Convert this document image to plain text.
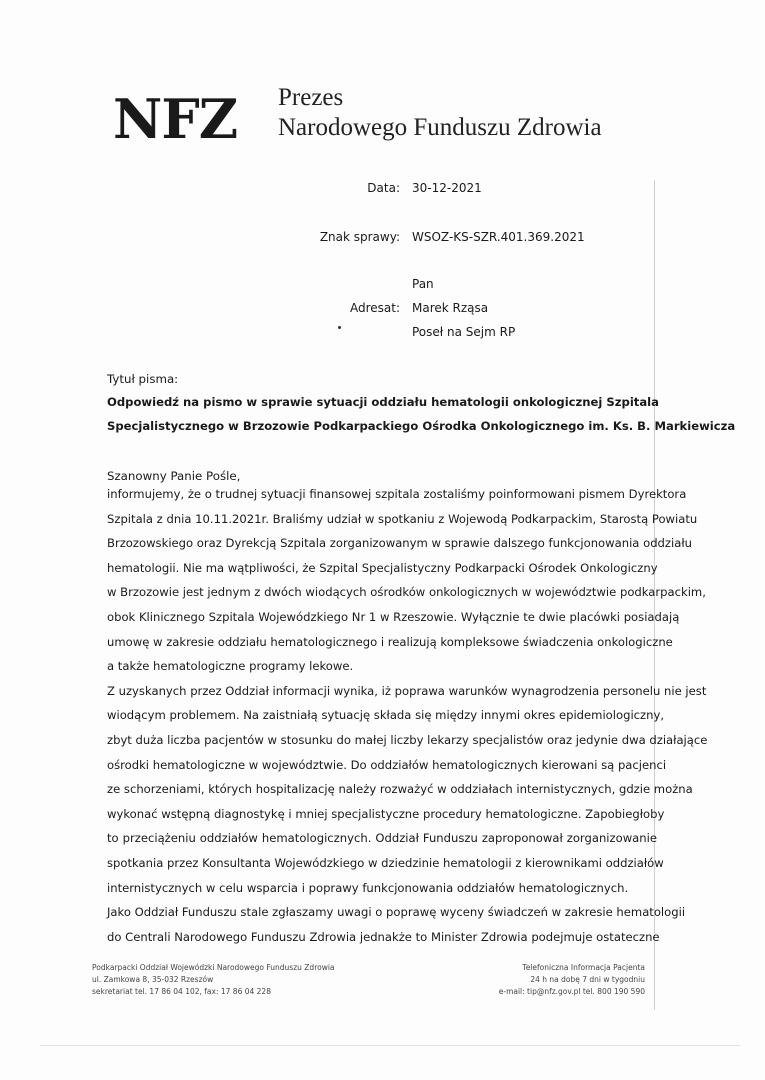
NFZ Prezes
Narodowego Funduszu Zdrowia
Data: 30-12-2021
Znak sprawy: WSOZ-KS-SZR.401.369.2021
Pan
Adresat: Marek Rząsa
Poseł na Sejm RP
Tytuł pisma:
Odpowiedź na pismo w sprawie sytuacji oddziału hematologii onkologicznej Szpitala
Specjalistycznego w Brzozowie Podkarpackiego Ośrodka Onkologicznego im. Ks. B. Markiewicza
Szanowny Panie Pośle,
informujemy, że o trudnej sytuacji finansowej szpitala zostaliśmy poinformowani pismem Dyrektora
Szpitala z dnia 10.11.2021r. Braliśmy udział w spotkaniu z Wojewodą Podkarpackim, Starostą Powiatu
Brzozowskiego oraz Dyrekcją Szpitala zorganizowanym w sprawie dalszego funkcjonowania oddziału
hematologii. Nie ma wątpliwości, że Szpital Specjalistyczny Podkarpacki Ośrodek Onkologiczny
w Brzozowie jest jednym z dwóch wiodących ośrodków onkologicznych w województwie podkarpackim,
obok Klinicznego Szpitala Wojewódzkiego Nr 1 w Rzeszowie. Wyłącznie te dwie placówki posiadają
umowę w zakresie oddziału hematologicznego i realizują kompleksowe świadczenia onkologiczne
a także hematologiczne programy lekowe.
Z uzyskanych przez Oddział informacji wynika, iż poprawa warunków wynagrodzenia personelu nie jest
wiodącym problemem. Na zaistniałą sytuację składa się między innymi okres epidemiologiczny,
zbyt duża liczba pacjentów w stosunku do małej liczby lekarzy specjalistów oraz jedynie dwa działające
ośrodki hematologiczne w województwie. Do oddziałów hematologicznych kierowani są pacjenci
ze schorzeniami, których hospitalizację należy rozważyć w oddziałach internistycznych, gdzie można
wykonać wstępną diagnostykę i mniej specjalistyczne procedury hematologiczne. Zapobiegłoby
to przeciążeniu oddziałów hematologicznych. Oddział Funduszu zaproponował zorganizowanie
spotkania przez Konsultanta Wojewódzkiego w dziedzinie hematologii z kierownikami oddziałów
internistycznych w celu wsparcia i poprawy funkcjonowania oddziałów hematologicznych.
Jako Oddział Funduszu stale zgłaszamy uwagi o poprawę wyceny świadczeń w zakresie hematologii
do Centrali Narodowego Funduszu Zdrowia jednakże to Minister Zdrowia podejmuje ostateczne
Podkarpacki Oddział Wojewódzki Narodowego Funduszu Zdrowia
ul. Zamkowa 8, 35-032 Rzeszów
sekretariat tel. 17 86 04 102, fax: 17 86 04 228
Telefoniczna Informacja Pacjenta
24 h na dobę 7 dni w tygodniu
e-mail: tip@nfz.gov.pl tel. 800 190 590
